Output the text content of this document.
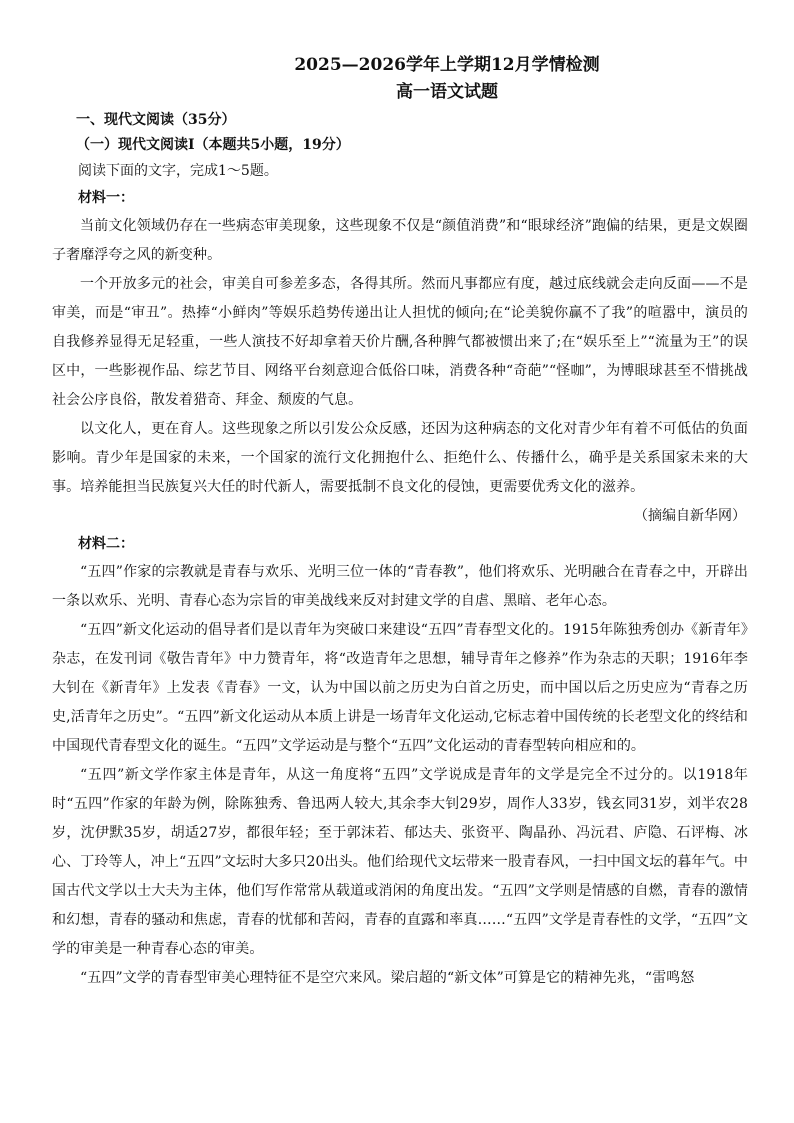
2025—2026学年上学期12月学情检测
高一语文试题
一、现代文阅读（35分）
（一）现代文阅读Ⅰ（本题共5小题，19分）
阅读下面的文字，完成1～5题。
材料一：
当前文化领域仍存在一些病态审美现象，这些现象不仅是“颜值消费”和“眼球经济”跑偏的结果，更是文娱圈子奢靡浮夸之风的新变种。
一个开放多元的社会，审美自可参差多态，各得其所。然而凡事都应有度，越过底线就会走向反面——不是审美，而是“审丑”。热捧“小鲜肉”等娱乐趋势传递出让人担忧的倾向;在“论美貌你赢不了我”的喧嚣中，演员的自我修养显得无足轻重，一些人演技不好却拿着天价片酬,各种脾气都被惯出来了;在“娱乐至上”“流量为王”的误区中，一些影视作品、综艺节目、网络平台刻意迎合低俗口味，消费各种“奇葩”“怪咖”，为博眼球甚至不惜挑战社会公序良俗，散发着猎奇、拜金、颓废的气息。
以文化人，更在育人。这些现象之所以引发公众反感，还因为这种病态的文化对青少年有着不可低估的负面影响。青少年是国家的未来，一个国家的流行文化拥抱什么、拒绝什么、传播什么，确乎是关系国家未来的大事。培养能担当民族复兴大任的时代新人，需要抵制不良文化的侵蚀，更需要优秀文化的滋养。
（摘编自新华网）
材料二：
“五四”作家的宗教就是青春与欢乐、光明三位一体的“青春教”，他们将欢乐、光明融合在青春之中，开辟出一条以欢乐、光明、青春心态为宗旨的审美战线来反对封建文学的自虐、黑暗、老年心态。
“五四”新文化运动的倡导者们是以青年为突破口来建设“五四”青春型文化的。1915年陈独秀创办《新青年》杂志，在发刊词《敬告青年》中力赞青年，将“改造青年之思想，辅导青年之修养”作为杂志的天职；1916年李大钊在《新青年》上发表《青春》一文，认为中国以前之历史为白首之历史，而中国以后之历史应为“青春之历史,活青年之历史”。“五四”新文化运动从本质上讲是一场青年文化运动,它标志着中国传统的长老型文化的终结和中国现代青春型文化的诞生。“五四”文学运动是与整个“五四”文化运动的青春型转向相应和的。
“五四”新文学作家主体是青年，从这一角度将“五四”文学说成是青年的文学是完全不过分的。以1918年时“五四”作家的年龄为例，除陈独秀、鲁迅两人较大,其余李大钊29岁，周作人33岁，钱玄同31岁，刘半农28岁，沈伊默35岁，胡适27岁，都很年轻；至于郭沫若、郁达夫、张资平、陶晶孙、冯沅君、庐隐、石评梅、冰心、丁玲等人，冲上“五四”文坛时大多只20出头。他们给现代文坛带来一股青春风，一扫中国文坛的暮年气。中国古代文学以士大夫为主体，他们写作常常从载道或消闲的角度出发。“五四”文学则是情感的自燃，青春的激情和幻想，青春的骚动和焦虑，青春的忧郁和苦闷，青春的直露和率真……“五四”文学是青春性的文学，“五四”文学的审美是一种青春心态的审美。
“五四”文学的青春型审美心理特征不是空穴来风。梁启超的“新文体”可算是它的精神先兆，“雷鸣怒
